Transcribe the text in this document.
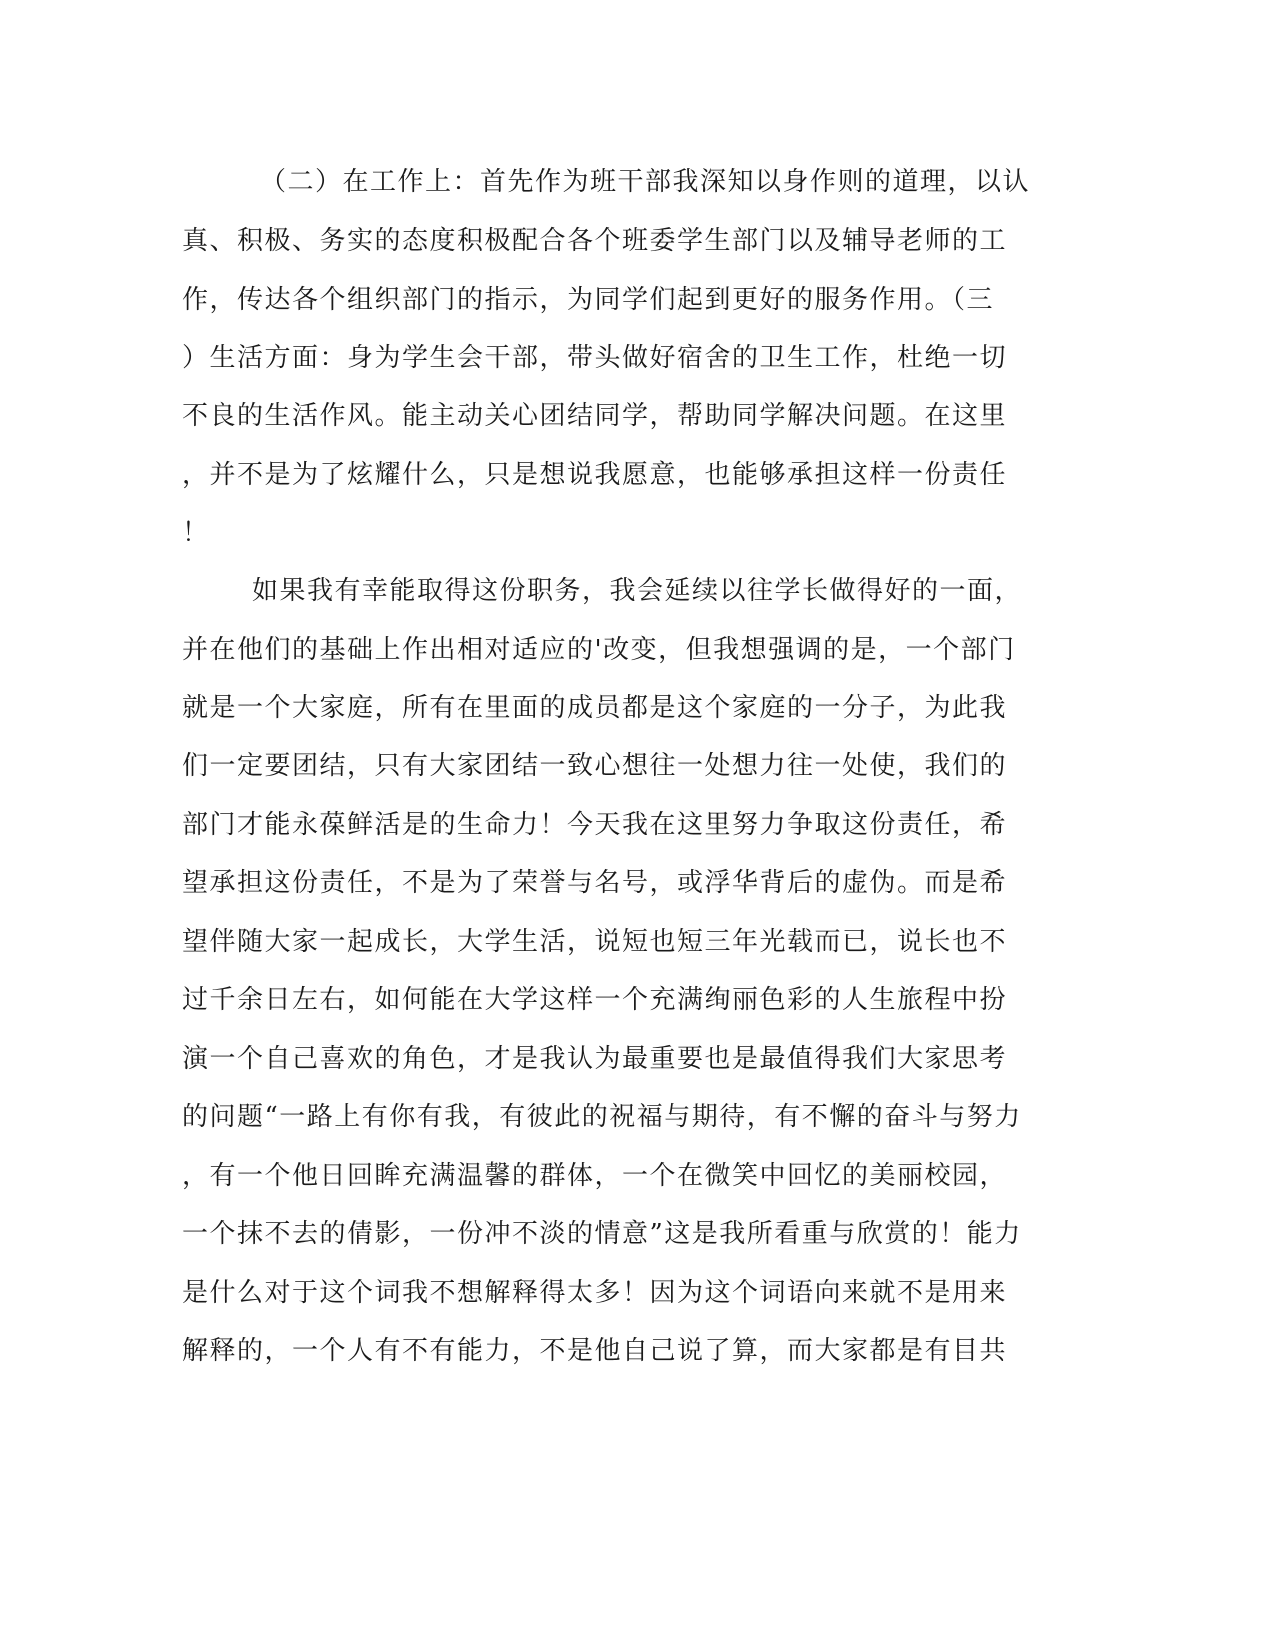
（二）在工作上：首先作为班干部我深知以身作则的道理，以认
真、积极、务实的态度积极配合各个班委学生部门以及辅导老师的工
作，传达各个组织部门的指示，为同学们起到更好的服务作用。（三
）生活方面：身为学生会干部，带头做好宿舍的卫生工作，杜绝一切
不良的生活作风。能主动关心团结同学，帮助同学解决问题。在这里
，并不是为了炫耀什么，只是想说我愿意，也能够承担这样一份责任
！
如果我有幸能取得这份职务，我会延续以往学长做得好的一面，
并在他们的基础上作出相对适应的'改变，但我想强调的是，一个部门
就是一个大家庭，所有在里面的成员都是这个家庭的一分子，为此我
们一定要团结，只有大家团结一致心想往一处想力往一处使，我们的
部门才能永葆鲜活是的生命力！今天我在这里努力争取这份责任，希
望承担这份责任，不是为了荣誉与名号，或浮华背后的虚伪。而是希
望伴随大家一起成长，大学生活，说短也短三年光载而已，说长也不
过千余日左右，如何能在大学这样一个充满绚丽色彩的人生旅程中扮
演一个自己喜欢的角色，才是我认为最重要也是最值得我们大家思考
的问题“一路上有你有我，有彼此的祝福与期待，有不懈的奋斗与努力
，有一个他日回眸充满温馨的群体，一个在微笑中回忆的美丽校园，
一个抹不去的倩影，一份冲不淡的情意”这是我所看重与欣赏的！能力
是什么对于这个词我不想解释得太多！因为这个词语向来就不是用来
解释的，一个人有不有能力，不是他自己说了算，而大家都是有目共
